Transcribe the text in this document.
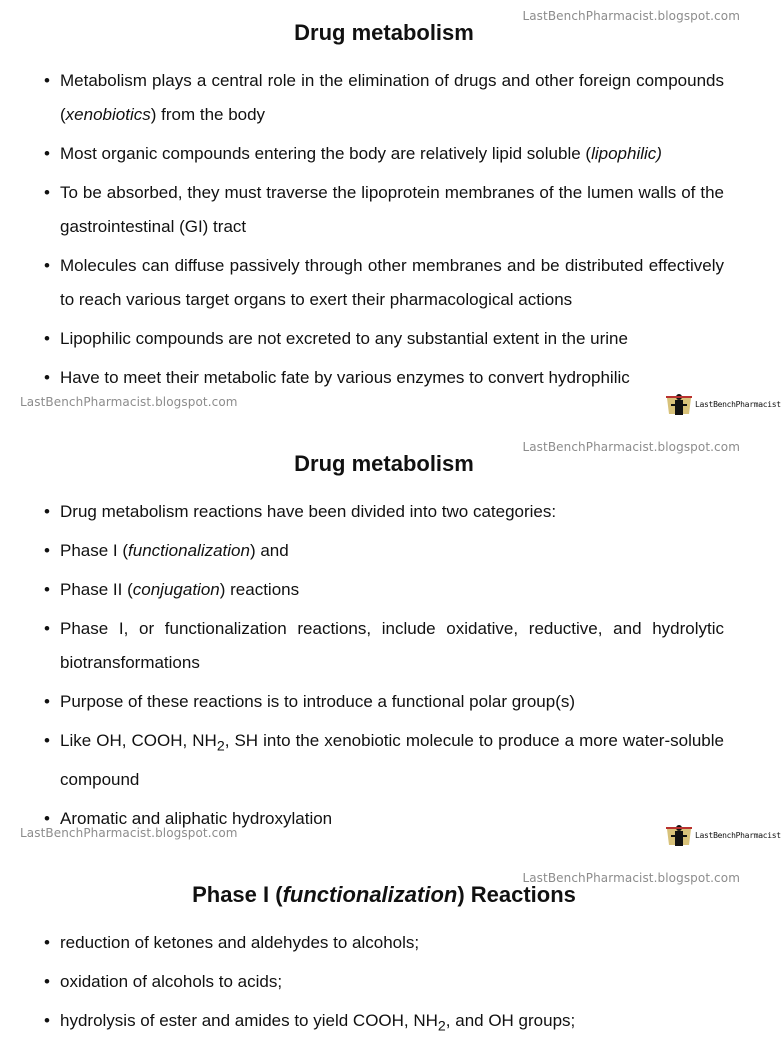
LastBenchPharmacist.blogspot.com
Drug metabolism
• Metabolism plays a central role in the elimination of drugs and other foreign compounds (xenobiotics) from the body
• Most organic compounds entering the body are relatively lipid soluble (lipophilic)
• To be absorbed, they must traverse the lipoprotein membranes of the lumen walls of the gastrointestinal (GI) tract
• Molecules can diffuse passively through other membranes and be distributed effectively to reach various target organs to exert their pharmacological actions
• Lipophilic compounds are not excreted to any substantial extent in the urine
• Have to meet their metabolic fate by various enzymes to convert hydrophilic
LastBenchPharmacist.blogspot.com	LastBenchPharmacist
LastBenchPharmacist.blogspot.com
Drug metabolism
• Drug metabolism reactions have been divided into two categories:
• Phase I (functionalization) and
• Phase II (conjugation) reactions
• Phase I, or functionalization reactions, include oxidative, reductive, and hydrolytic biotransformations
• Purpose of these reactions is to introduce a functional polar group(s)
• Like OH, COOH, $NH_2$, SH into the xenobiotic molecule to produce a more water-soluble compound
• Aromatic and aliphatic hydroxylation
LastBenchPharmacist.blogspot.com	LastBenchPharmacist
LastBenchPharmacist.blogspot.com
Phase I (functionalization) Reactions
• reduction of ketones and aldehydes to alcohols;
• oxidation of alcohols to acids;
• hydrolysis of ester and amides to yield COOH, $NH_2$, and OH groups;
